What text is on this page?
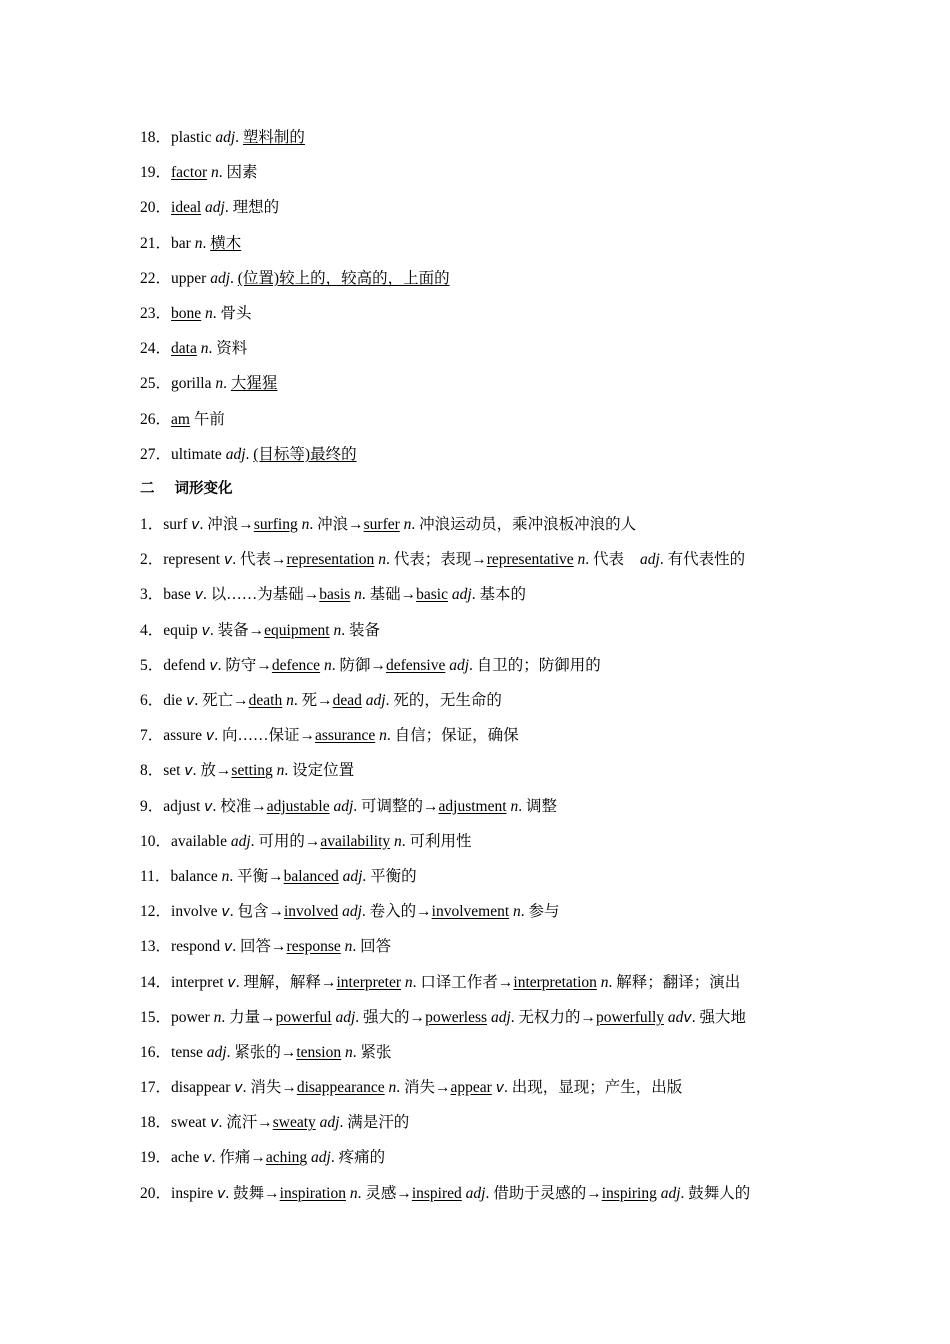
18．plastic adj. 塑料制的
19．factor n. 因素
20．ideal adj. 理想的
21．bar n. 横木
22．upper adj. (位置)较上的，较高的，上面的
23．bone n. 骨头
24．data n. 资料
25．gorilla n. 大猩猩
26．am 午前
27．ultimate adj. (目标等)最终的
二 词形变化
1．surf v. 冲浪→surfing n. 冲浪→surfer n. 冲浪运动员，乘冲浪板冲浪的人
2．represent v. 代表→representation n. 代表；表现→representative n. 代表 adj. 有代表性的
3．base v. 以……为基础→basis n. 基础→basic adj. 基本的
4．equip v. 装备→equipment n. 装备
5．defend v. 防守→defence n. 防御→defensive adj. 自卫的；防御用的
6．die v. 死亡→death n. 死→dead adj. 死的，无生命的
7．assure v. 向……保证→assurance n. 自信；保证，确保
8．set v. 放→setting n. 设定位置
9．adjust v. 校准→adjustable adj. 可调整的→adjustment n. 调整
10．available adj. 可用的→availability n. 可利用性
11．balance n. 平衡→balanced adj. 平衡的
12．involve v. 包含→involved adj. 卷入的→involvement n. 参与
13．respond v. 回答→response n. 回答
14．interpret v. 理解，解释→interpreter n. 口译工作者→interpretation n. 解释；翻译；演出
15．power n. 力量→powerful adj. 强大的→powerless adj. 无权力的→powerfully adv. 强大地
16．tense adj. 紧张的→tension n. 紧张
17．disappear v. 消失→disappearance n. 消失→appear v. 出现，显现；产生，出版
18．sweat v. 流汗→sweaty adj. 满是汗的
19．ache v. 作痛→aching adj. 疼痛的
20．inspire v. 鼓舞→inspiration n. 灵感→inspired adj. 借助于灵感的→inspiring adj. 鼓舞人的
